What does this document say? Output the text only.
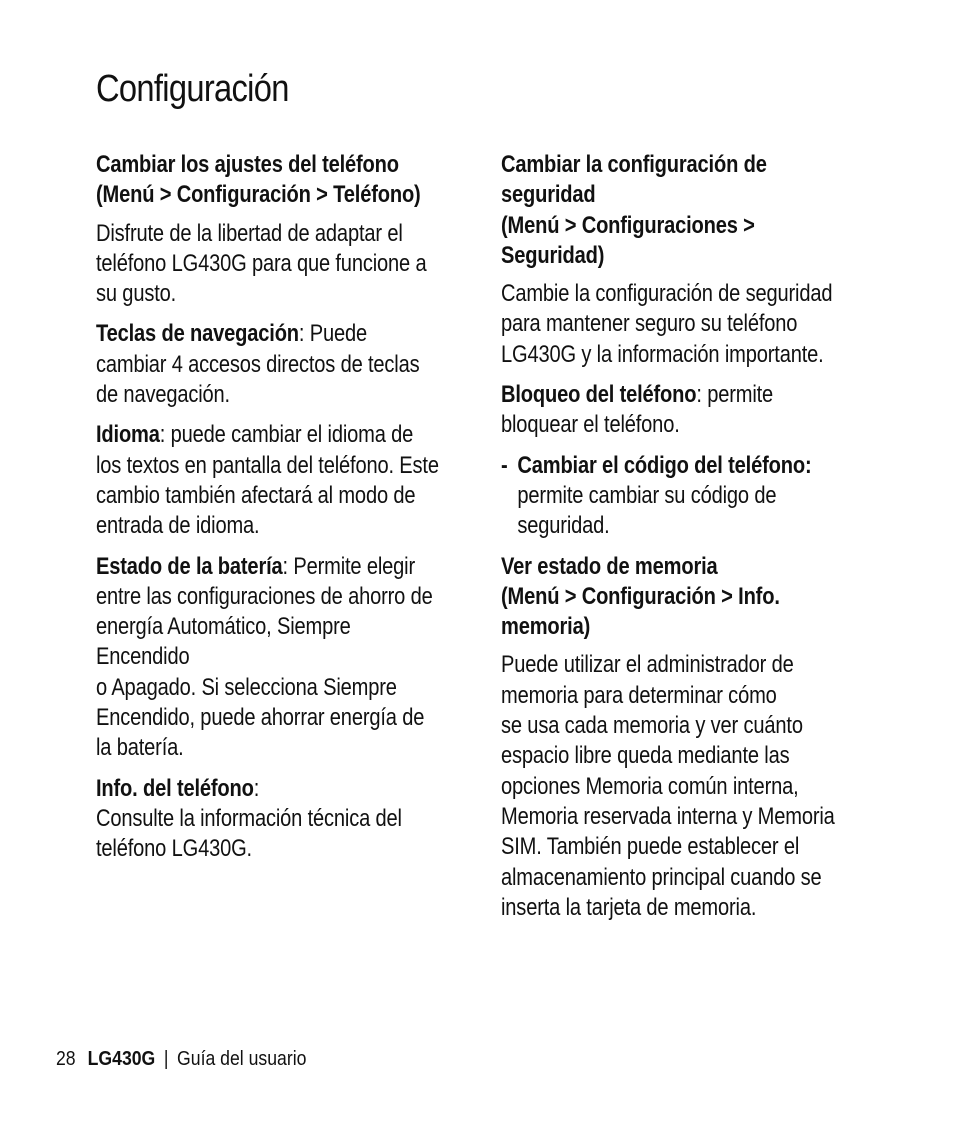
Configuración
Cambiar los ajustes del teléfono
(Menú > Configuración > Teléfono)
Disfrute de la libertad de adaptar el
teléfono LG430G para que funcione a
su gusto.
Teclas de navegación: Puede
cambiar 4 accesos directos de teclas
de navegación.
Idioma: puede cambiar el idioma de
los textos en pantalla del teléfono. Este
cambio también afectará al modo de
entrada de idioma.
Estado de la batería: Permite elegir
entre las configuraciones de ahorro de
energía Automático, Siempre Encendido
o Apagado. Si selecciona Siempre
Encendido, puede ahorrar energía de
la batería.
Info. del teléfono:
Consulte la información técnica del
teléfono LG430G.
Cambiar la configuración de
seguridad
(Menú > Configuraciones >
Seguridad)
Cambie la configuración de seguridad
para mantener seguro su teléfono
LG430G y la información importante.
Bloqueo del teléfono: permite
bloquear el teléfono.
- Cambiar el código del teléfono:
permite cambiar su código de
seguridad.
Ver estado de memoria
(Menú > Configuración > Info.
memoria)
Puede utilizar el administrador de
memoria para determinar cómo
se usa cada memoria y ver cuánto
espacio libre queda mediante las
opciones Memoria común interna,
Memoria reservada interna y Memoria
SIM. También puede establecer el
almacenamiento principal cuando se
inserta la tarjeta de memoria.
28 LG430G | Guía del usuario
